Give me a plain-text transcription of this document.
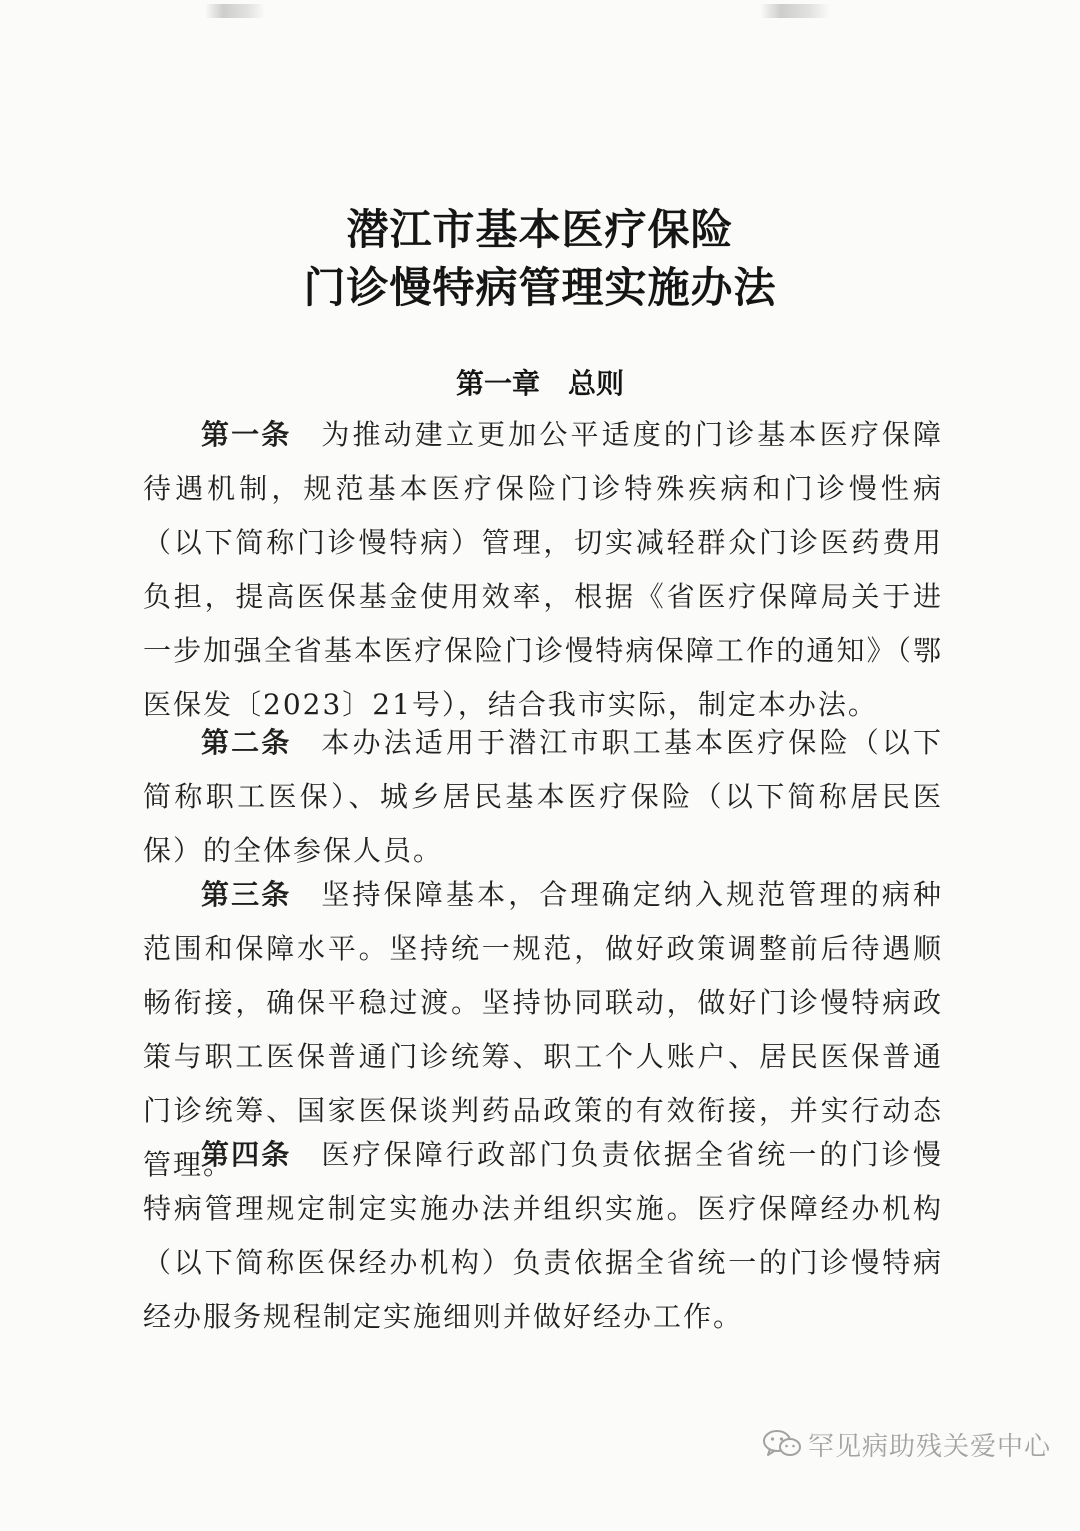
潜江市基本医疗保险
门诊慢特病管理实施办法
第一章 总则

第一条 为推动建立更加公平适度的门诊基本医疗保障待遇机制，规范基本医疗保险门诊特殊疾病和门诊慢性病（以下简称门诊慢特病）管理，切实减轻群众门诊医药费用负担，提高医保基金使用效率，根据《省医疗保障局关于进一步加强全省基本医疗保险门诊慢特病保障工作的通知》（鄂医保发〔2023〕21号），结合我市实际，制定本办法。

第二条 本办法适用于潜江市职工基本医疗保险（以下简称职工医保）、城乡居民基本医疗保险（以下简称居民医保）的全体参保人员。

第三条 坚持保障基本，合理确定纳入规范管理的病种范围和保障水平。坚持统一规范，做好政策调整前后待遇顺畅衔接，确保平稳过渡。坚持协同联动，做好门诊慢特病政策与职工医保普通门诊统筹、职工个人账户、居民医保普通门诊统筹、国家医保谈判药品政策的有效衔接，并实行动态管理。

第四条 医疗保障行政部门负责依据全省统一的门诊慢特病管理规定制定实施办法并组织实施。医疗保障经办机构（以下简称医保经办机构）负责依据全省统一的门诊慢特病经办服务规程制定实施细则并做好经办工作。

罕见病助残关爱中心
